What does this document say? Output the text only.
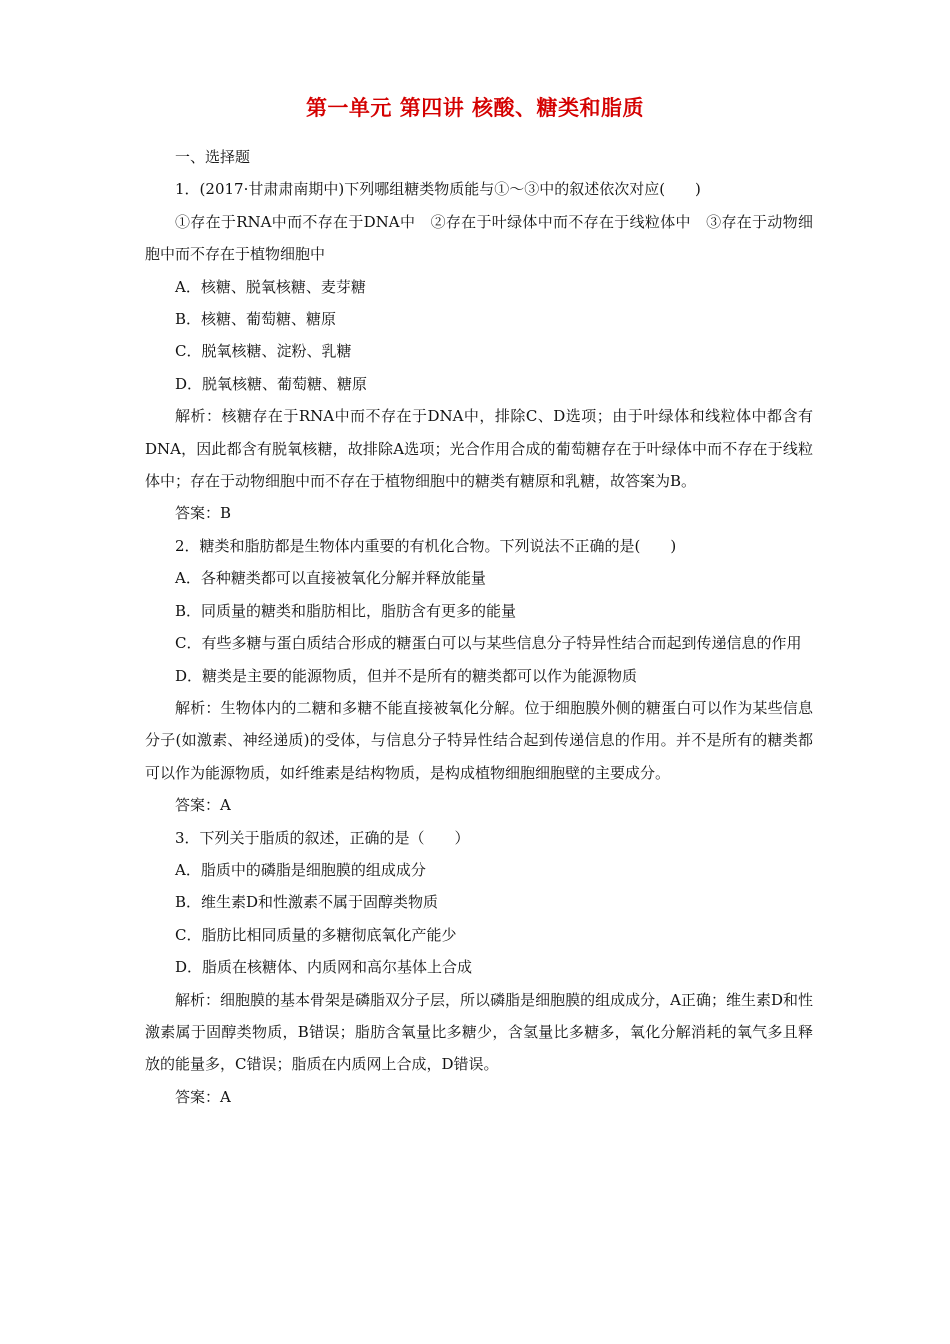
第一单元 第四讲 核酸、糖类和脂质

一、选择题

1．(2017·甘肃肃南期中)下列哪组糖类物质能与①～③中的叙述依次对应(　　)

①存在于RNA中而不存在于DNA中　②存在于叶绿体中而不存在于线粒体中　③存在于动物细胞中而不存在于植物细胞中

A．核糖、脱氧核糖、麦芽糖

B．核糖、葡萄糖、糖原

C．脱氧核糖、淀粉、乳糖

D．脱氧核糖、葡萄糖、糖原

解析：核糖存在于RNA中而不存在于DNA中，排除C、D选项；由于叶绿体和线粒体中都含有DNA，因此都含有脱氧核糖，故排除A选项；光合作用合成的葡萄糖存在于叶绿体中而不存在于线粒体中；存在于动物细胞中而不存在于植物细胞中的糖类有糖原和乳糖，故答案为B。

答案：B

2．糖类和脂肪都是生物体内重要的有机化合物。下列说法不正确的是(　　)

A．各种糖类都可以直接被氧化分解并释放能量

B．同质量的糖类和脂肪相比，脂肪含有更多的能量

C．有些多糖与蛋白质结合形成的糖蛋白可以与某些信息分子特异性结合而起到传递信息的作用

D．糖类是主要的能源物质，但并不是所有的糖类都可以作为能源物质

解析：生物体内的二糖和多糖不能直接被氧化分解。位于细胞膜外侧的糖蛋白可以作为某些信息分子(如激素、神经递质)的受体，与信息分子特异性结合起到传递信息的作用。并不是所有的糖类都可以作为能源物质，如纤维素是结构物质，是构成植物细胞细胞壁的主要成分。

答案：A

3．下列关于脂质的叙述，正确的是（　　）

A．脂质中的磷脂是细胞膜的组成成分

B．维生素D和性激素不属于固醇类物质

C．脂肪比相同质量的多糖彻底氧化产能少

D．脂质在核糖体、内质网和高尔基体上合成

解析：细胞膜的基本骨架是磷脂双分子层，所以磷脂是细胞膜的组成成分，A正确；维生素D和性激素属于固醇类物质，B错误；脂肪含氧量比多糖少，含氢量比多糖多，氧化分解消耗的氧气多且释放的能量多，C错误；脂质在内质网上合成，D错误。

答案：A
